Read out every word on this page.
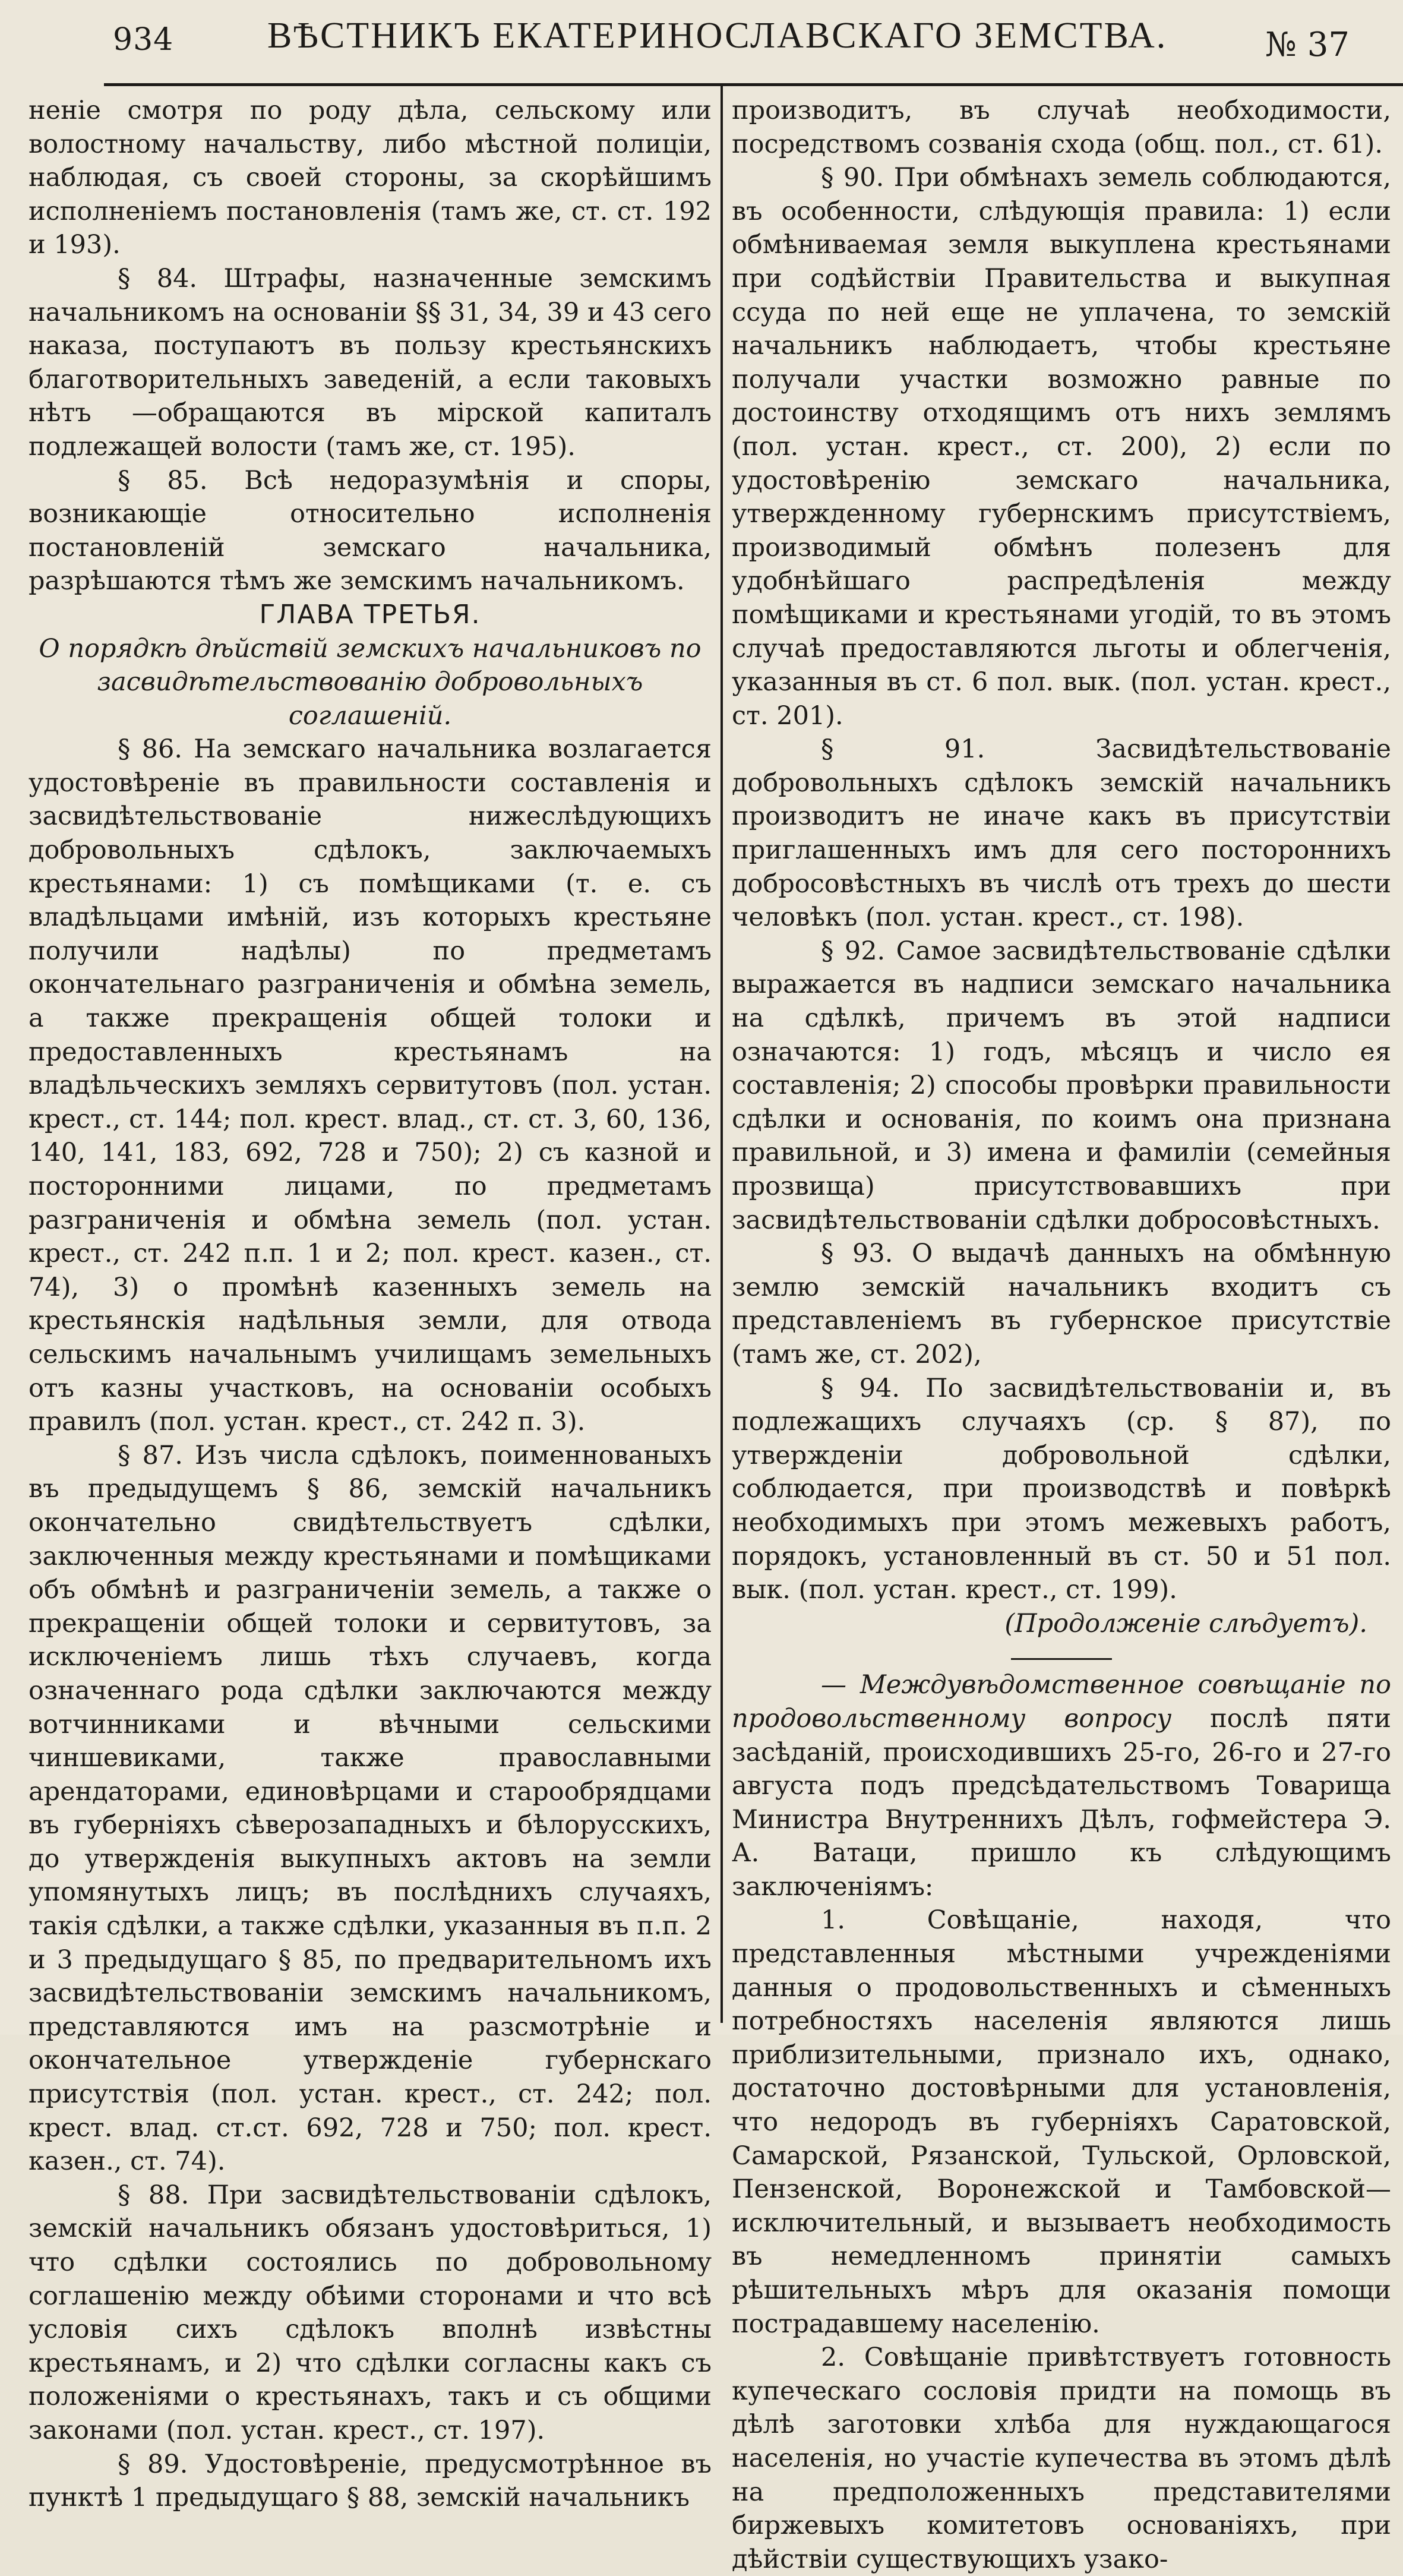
934	ВѢСТНИКЪ ЕКАТЕРИНОСЛАВСКАГО ЗЕМСТВА.	№ 37

неніе смотря по роду дѣла, сельскому или волостному начальству, либо мѣстной полиціи, наблюдая, съ своей стороны, за скорѣйшимъ исполненіемъ постановленія (тамъ же, ст. ст. 192 и 193).

§ 84. Штрафы, назначенные земскимъ начальникомъ на основаніи §§ 31, 34, 39 и 43 сего наказа, поступаютъ въ пользу крестьянскихъ благотворительныхъ заведеній, а если таковыхъ нѣтъ —обращаются въ мірской капиталъ подлежащей волости (тамъ же, ст. 195).

§ 85. Всѣ недоразумѣнія и споры, возникающіе относительно исполненія постановленій земскаго начальника, разрѣшаются тѣмъ же земскимъ начальникомъ.

ГЛАВА ТРЕТЬЯ.

О порядкѣ дѣйствій земскихъ начальниковъ по засвидѣтельствованію добровольныхъ соглашеній.

§ 86. На земскаго начальника возлагается удостовѣреніе въ правильности составленія и засвидѣтельствованіе нижеслѣдующихъ добровольныхъ сдѣлокъ, заключаемыхъ крестьянами: 1) съ помѣщиками (т. е. съ владѣльцами имѣній, изъ которыхъ крестьяне получили надѣлы) по предметамъ окончательнаго разграниченія и обмѣна земель, а также прекращенія общей толоки и предоставленныхъ крестьянамъ на владѣльческихъ земляхъ сервитутовъ (пол. устан. крест., ст. 144; пол. крест. влад., ст. ст. 3, 60, 136, 140, 141, 183, 692, 728 и 750); 2) съ казной и посторонними лицами, по предметамъ разграниченія и обмѣна земель (пол. устан. крест., ст. 242 п.п. 1 и 2; пол. крест. казен., ст. 74), 3) о промѣнѣ казенныхъ земель на крестьянскія надѣльныя земли, для отвода сельскимъ начальнымъ училищамъ земельныхъ отъ казны участковъ, на основаніи особыхъ правилъ (пол. устан. крест., ст. 242 п. 3).

§ 87. Изъ числа сдѣлокъ, поименнованыхъ въ предыдущемъ § 86, земскій начальникъ окончательно свидѣтельствуетъ сдѣлки, заключенныя между крестьянами и помѣщиками объ обмѣнѣ и разграниченіи земель, а также о прекращеніи общей толоки и сервитутовъ, за исключеніемъ лишь тѣхъ случаевъ, когда означеннаго рода сдѣлки заключаются между вотчинниками и вѣчными сельскими чиншевиками, также православными арендаторами, единовѣрцами и старообрядцами въ губерніяхъ сѣверозападныхъ и бѣлорусскихъ, до утвержденія выкупныхъ актовъ на земли упомянутыхъ лицъ; въ послѣднихъ случаяхъ, такія сдѣлки, а также сдѣлки, указанныя въ п.п. 2 и 3 предыдущаго § 85, по предварительномъ ихъ засвидѣтельствованіи земскимъ начальникомъ, представляются имъ на разсмотрѣніе и окончательное утвержденіе губернскаго присутствія (пол. устан. крест., ст. 242; пол. крест. влад. ст.ст. 692, 728 и 750; пол. крест. казен., ст. 74).

§ 88. При засвидѣтельствованіи сдѣлокъ, земскій начальникъ обязанъ удостовѣриться, 1) что сдѣлки состоялись по добровольному соглашенію между обѣими сторонами и что всѣ условія сихъ сдѣлокъ вполнѣ извѣстны крестьянамъ, и 2) что сдѣлки согласны какъ съ положеніями о крестьянахъ, такъ и съ общими законами (пол. устан. крест., ст. 197).

§ 89. Удостовѣреніе, предусмотрѣнное въ пунктѣ 1 предыдущаго § 88, земскій начальникъ

производитъ, въ случаѣ необходимости, посредствомъ созванія схода (общ. пол., ст. 61).

§ 90. При обмѣнахъ земель соблюдаются, въ особенности, слѣдующія правила: 1) если обмѣниваемая земля выкуплена крестьянами при содѣйствіи Правительства и выкупная ссуда по ней еще не уплачена, то земскій начальникъ наблюдаетъ, чтобы крестьяне получали участки возможно равные по достоинству отходящимъ отъ нихъ землямъ (пол. устан. крест., ст. 200), 2) если по удостовѣренію земскаго начальника, утвержденному губернскимъ присутствіемъ, производимый обмѣнъ полезенъ для удобнѣйшаго распредѣленія между помѣщиками и крестьянами угодій, то въ этомъ случаѣ предоставляются льготы и облегченія, указанныя въ ст. 6 пол. вык. (пол. устан. крест., ст. 201).

§ 91. Засвидѣтельствованіе добровольныхъ сдѣлокъ земскій начальникъ производитъ не иначе какъ въ присутствіи приглашенныхъ имъ для сего постороннихъ добросовѣстныхъ въ числѣ отъ трехъ до шести человѣкъ (пол. устан. крест., ст. 198).

§ 92. Самое засвидѣтельствованіе сдѣлки выражается въ надписи земскаго начальника на сдѣлкѣ, причемъ въ этой надписи означаются: 1) годъ, мѣсяцъ и число ея составленія; 2) способы провѣрки правильности сдѣлки и основанія, по коимъ она признана правильной, и 3) имена и фамиліи (семейныя прозвища) присутствовавшихъ при засвидѣтельствованіи сдѣлки добросовѣстныхъ.

§ 93. О выдачѣ данныхъ на обмѣнную землю земскій начальникъ входитъ съ представленіемъ въ губернское присутствіе (тамъ же, ст. 202),

§ 94. По засвидѣтельствованіи и, въ подлежащихъ случаяхъ (ср. § 87), по утвержденіи добровольной сдѣлки, соблюдается, при производствѣ и повѣркѣ необходимыхъ при этомъ межевыхъ работъ, порядокъ, установленный въ ст. 50 и 51 пол. вык. (пол. устан. крест., ст. 199).

(Продолженіе слѣдуетъ).

— Междувѣдомственное совѣщаніе по продовольственному вопросу послѣ пяти засѣданій, происходившихъ 25-го, 26-го и 27-го августа подъ предсѣдательствомъ Товарища Министра Внутреннихъ Дѣлъ, гофмейстера Э. А. Ватаци, пришло къ слѣдующимъ заключеніямъ:

1. Совѣщаніе, находя, что представленныя мѣстными учрежденіями данныя о продовольственныхъ и сѣменныхъ потребностяхъ населенія являются лишь приблизительными, признало ихъ, однако, достаточно достовѣрными для установленія, что недородъ въ губерніяхъ Саратовской, Самарской, Рязанской, Тульской, Орловской, Пензенской, Воронежской и Тамбовской—исключительный, и вызываетъ необходимость въ немедленномъ принятіи самыхъ рѣшительныхъ мѣръ для оказанія помощи пострадавшему населенію.

2. Совѣщаніе привѣтствуетъ готовность купеческаго сословія придти на помощь въ дѣлѣ заготовки хлѣба для нуждающагося населенія, но участіе купечества въ этомъ дѣлѣ на предположенныхъ представителями биржевыхъ комитетовъ основаніяхъ, при дѣйствіи существующихъ узако-
